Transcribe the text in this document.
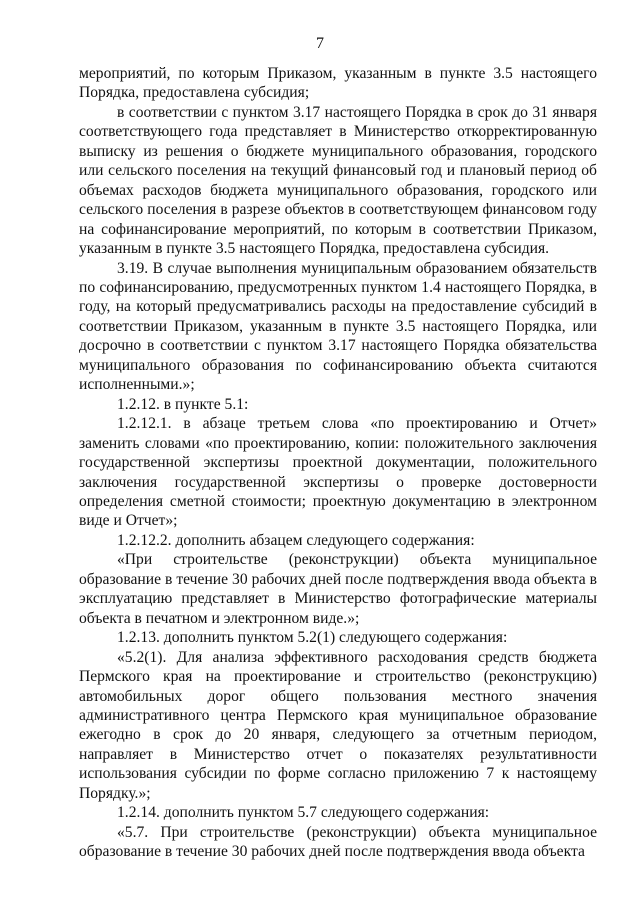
7

мероприятий, по которым Приказом, указанным в пункте 3.5 настоящего Порядка, предоставлена субсидия;

в соответствии с пунктом 3.17 настоящего Порядка в срок до 31 января соответствующего года представляет в Министерство откорректированную выписку из решения о бюджете муниципального образования, городского или сельского поселения на текущий финансовый год и плановый период об объемах расходов бюджета муниципального образования, городского или сельского поселения в разрезе объектов в соответствующем финансовом году на софинансирование мероприятий, по которым в соответствии Приказом, указанным в пункте 3.5 настоящего Порядка, предоставлена субсидия.

3.19. В случае выполнения муниципальным образованием обязательств по софинансированию, предусмотренных пунктом 1.4 настоящего Порядка, в году, на который предусматривались расходы на предоставление субсидий в соответствии Приказом, указанным в пункте 3.5 настоящего Порядка, или досрочно в соответствии с пунктом 3.17 настоящего Порядка обязательства муниципального образования по софинансированию объекта считаются исполненными.»;

1.2.12. в пункте 5.1:

1.2.12.1. в абзаце третьем слова «по проектированию и Отчет» заменить словами «по проектированию, копии: положительного заключения государственной экспертизы проектной документации, положительного заключения государственной экспертизы о проверке достоверности определения сметной стоимости; проектную документацию в электронном виде и Отчет»;

1.2.12.2. дополнить абзацем следующего содержания:

«При строительстве (реконструкции) объекта муниципальное образование в течение 30 рабочих дней после подтверждения ввода объекта в эксплуатацию представляет в Министерство фотографические материалы объекта в печатном и электронном виде.»;

1.2.13. дополнить пунктом 5.2(1) следующего содержания:

«5.2(1). Для анализа эффективного расходования средств бюджета Пермского края на проектирование и строительство (реконструкцию) автомобильных дорог общего пользования местного значения административного центра Пермского края муниципальное образование ежегодно в срок до 20 января, следующего за отчетным периодом, направляет в Министерство отчет о показателях результативности использования субсидии по форме согласно приложению 7 к настоящему Порядку.»;

1.2.14. дополнить пунктом 5.7 следующего содержания:

«5.7. При строительстве (реконструкции) объекта муниципальное образование в течение 30 рабочих дней после подтверждения ввода объекта
